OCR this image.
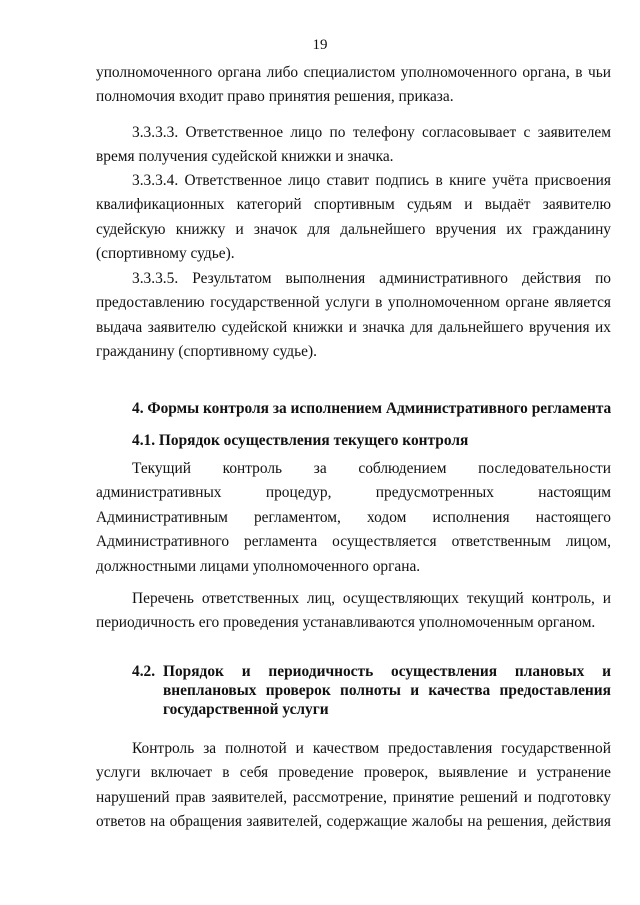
19
уполномоченного органа либо специалистом уполномоченного органа, в чьи
полномочия входит право принятия решения, приказа.
3.3.3.3. Ответственное лицо по телефону согласовывает с заявителем
время получения судейской книжки и значка.
3.3.3.4. Ответственное лицо ставит подпись в книге учёта присвоения
квалификационных категорий спортивным судьям и выдаёт заявителю
судейскую книжку и значок для дальнейшего вручения их гражданину
(спортивному судье).
3.3.3.5. Результатом выполнения административного действия по
предоставлению государственной услуги в уполномоченном органе является
выдача заявителю судейской книжки и значка для дальнейшего вручения их
гражданину (спортивному судье).
4. Формы контроля за исполнением Административного регламента
4.1. Порядок осуществления текущего контроля
Текущий контроль за соблюдением последовательности
административных процедур, предусмотренных настоящим
Административным регламентом, ходом исполнения настоящего
Административного регламента осуществляется ответственным лицом,
должностными лицами уполномоченного органа.
Перечень ответственных лиц, осуществляющих текущий контроль, и
периодичность его проведения устанавливаются уполномоченным органом.
4.2. Порядок и периодичность осуществления плановых и
внеплановых проверок полноты и качества предоставления
государственной услуги
Контроль за полнотой и качеством предоставления государственной
услуги включает в себя проведение проверок, выявление и устранение
нарушений прав заявителей, рассмотрение, принятие решений и подготовку
ответов на обращения заявителей, содержащие жалобы на решения, действия
